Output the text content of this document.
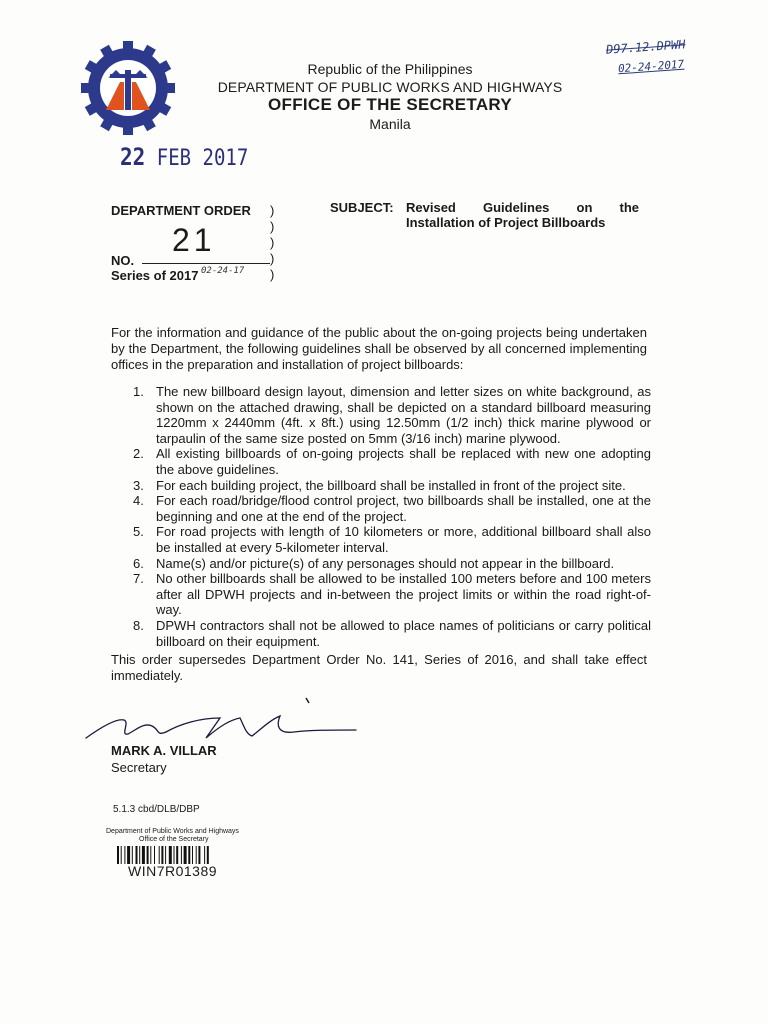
Republic of the Philippines
DEPARTMENT OF PUBLIC WORKS AND HIGHWAYS
OFFICE OF THE SECRETARY
Manila
D97.12.DPWH
02-24-2017
22 FEB 2017
DEPARTMENT ORDER )
)
)
)
)
21
NO.
Series of 2017 02-24-17
SUBJECT: Revised Guidelines on the
Installation of Project Billboards
For the information and guidance of the public about the on-going projects being undertaken by the Department, the following guidelines shall be observed by all concerned implementing offices in the preparation and installation of project billboards:
1. The new billboard design layout, dimension and letter sizes on white background, as shown on the attached drawing, shall be depicted on a standard billboard measuring 1220mm x 2440mm (4ft. x 8ft.) using 12.50mm (1/2 inch) thick marine plywood or tarpaulin of the same size posted on 5mm (3/16 inch) marine plywood.
2. All existing billboards of on-going projects shall be replaced with new one adopting the above guidelines.
3. For each building project, the billboard shall be installed in front of the project site.
4. For each road/bridge/flood control project, two billboards shall be installed, one at the beginning and one at the end of the project.
5. For road projects with length of 10 kilometers or more, additional billboard shall also be installed at every 5-kilometer interval.
6. Name(s) and/or picture(s) of any personages should not appear in the billboard.
7. No other billboards shall be allowed to be installed 100 meters before and 100 meters after all DPWH projects and in-between the project limits or within the road right-of-way.
8. DPWH contractors shall not be allowed to place names of politicians or carry political billboard on their equipment.
This order supersedes Department Order No. 141, Series of 2016, and shall take effect immediately.
MARK A. VILLAR
Secretary
5.1.3 cbd/DLB/DBP
Department of Public Works and Highways
Office of the Secretary
WIN7R01389
